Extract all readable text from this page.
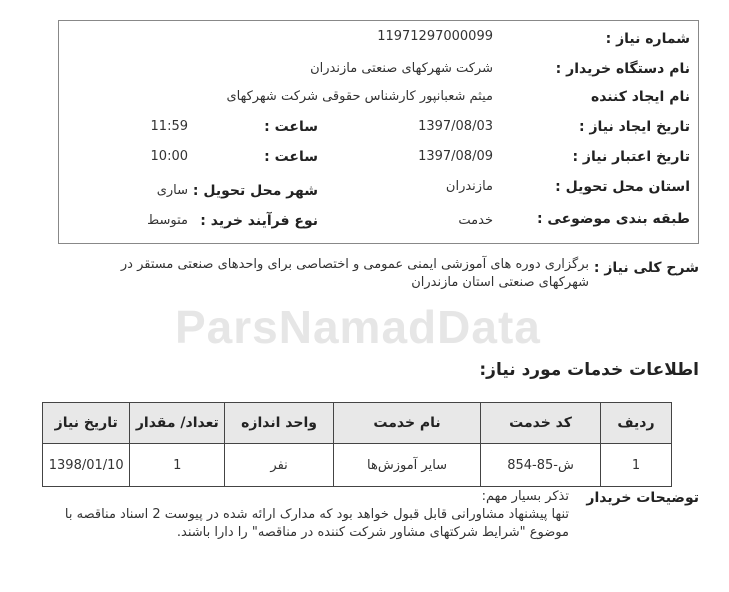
ParsNamadData
شماره نیاز :
11971297000099
نام دستگاه خریدار :
شرکت شهرکهای صنعتی مازندران
نام ایجاد کننده
میثم شعبانپور کارشناس حقوقی شرکت شهرکهای
تاریخ ایجاد نیاز :
1397/08/03
ساعت :
11:59
تاریخ اعتبار نیاز :
1397/08/09
ساعت :
10:00
استان محل تحویل :
مازندران
شهر محل تحویل :
ساری
طبقه بندی موضوعی :
خدمت
نوع فرآیند خرید :
متوسط
شرح کلی نیاز :
برگزاری دوره های آموزشی ایمنی عمومی و اختصاصی برای واحدهای صنعتی مستقر در شهرکهای صنعتی استان مازندران
اطلاعات خدمات مورد نیاز:
ردیف	کد خدمت	نام خدمت	واحد اندازه	تعداد/ مقدار	تاریخ نیاز
1	ش-85-854	سایر آموزش‌ها	نفر	1	1398/01/10
توضیحات خریدار
تذکر بسیار مهم:
تنها پیشنهاد مشاورانی قابل قبول خواهد بود که مدارک ارائه شده در پیوست 2 اسناد مناقصه با موضوع "شرایط شرکتهای مشاور شرکت کننده در مناقصه" را دارا باشند.
